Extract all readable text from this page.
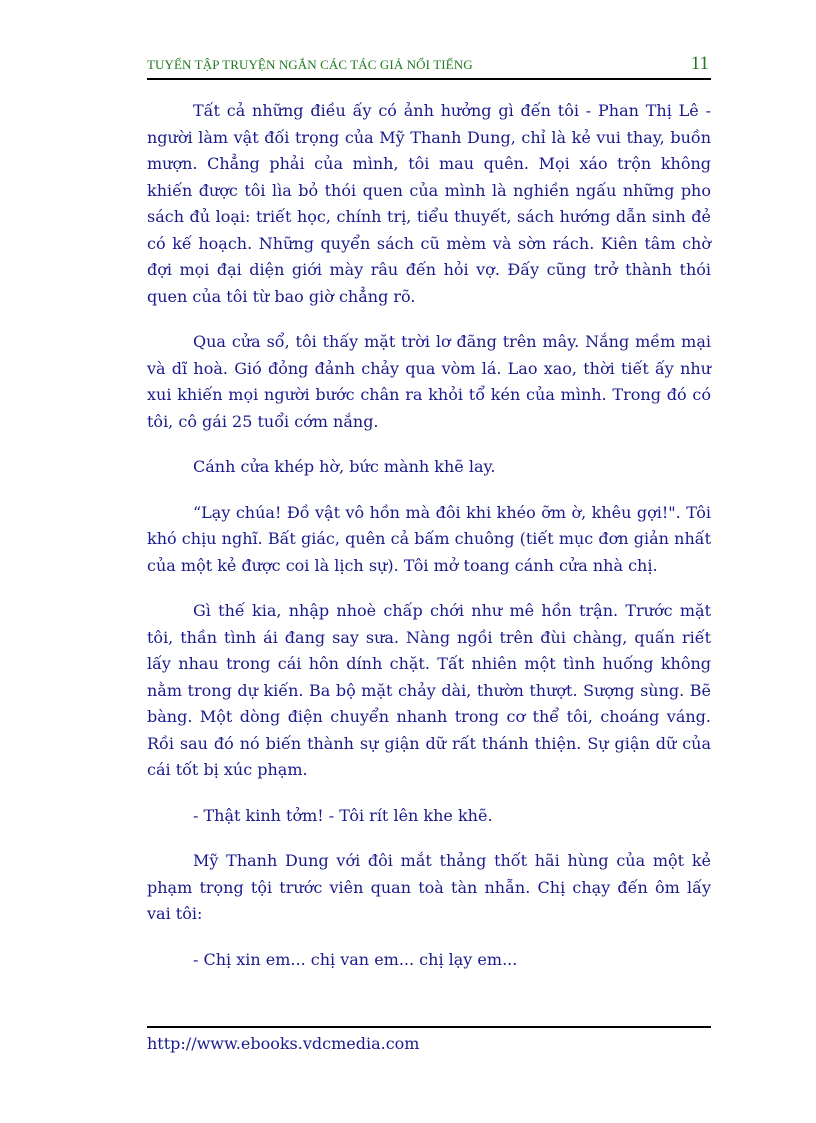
TUYỂN TẬP TRUYỆN NGẮN CÁC TÁC GIẢ NỔI TIẾNG	11

Tất cả những điều ấy có ảnh hưởng gì đến tôi - Phan Thị Lê - người làm vật đối trọng của Mỹ Thanh Dung, chỉ là kẻ vui thay, buồn mượn. Chẳng phải của mình, tôi mau quên. Mọi xáo trộn không khiến được tôi lìa bỏ thói quen của mình là nghiền ngấu những pho sách đủ loại: triết học, chính trị, tiểu thuyết, sách hướng dẫn sinh đẻ có kế hoạch. Những quyển sách cũ mèm và sờn rách. Kiên tâm chờ đợi mọi đại diện giới mày râu đến hỏi vợ. Đấy cũng trở thành thói quen của tôi từ bao giờ chẳng rõ.

Qua cửa sổ, tôi thấy mặt trời lơ đãng trên mây. Nắng mềm mại và dĩ hoà. Gió đỏng đảnh chảy qua vòm lá. Lao xao, thời tiết ấy như xui khiến mọi người bước chân ra khỏi tổ kén của mình. Trong đó có tôi, cô gái 25 tuổi cớm nắng.

Cánh cửa khép hờ, bức mành khẽ lay.

“Lạy chúa! Đồ vật vô hồn mà đôi khi khéo ỡm ờ, khêu gợi!". Tôi khó chịu nghĩ. Bất giác, quên cả bấm chuông (tiết mục đơn giản nhất của một kẻ được coi là lịch sự). Tôi mở toang cánh cửa nhà chị.

Gì thế kia, nhập nhoè chấp chới như mê hồn trận. Trước mặt tôi, thần tình ái đang say sưa. Nàng ngồi trên đùi chàng, quấn riết lấy nhau trong cái hôn dính chặt. Tất nhiên một tình huống không nằm trong dự kiến. Ba bộ mặt chảy dài, thườn thượt. Sượng sùng. Bẽ bàng. Một dòng điện chuyển nhanh trong cơ thể tôi, choáng váng. Rồi sau đó nó biến thành sự giận dữ rất thánh thiện. Sự giận dữ của cái tốt bị xúc phạm.

- Thật kinh tởm! - Tôi rít lên khe khẽ.

Mỹ Thanh Dung với đôi mắt thảng thốt hãi hùng của một kẻ phạm trọng tội trước viên quan toà tàn nhẫn. Chị chạy đến ôm lấy vai tôi:

- Chị xin em... chị van em... chị lạy em...

http://www.ebooks.vdcmedia.com
